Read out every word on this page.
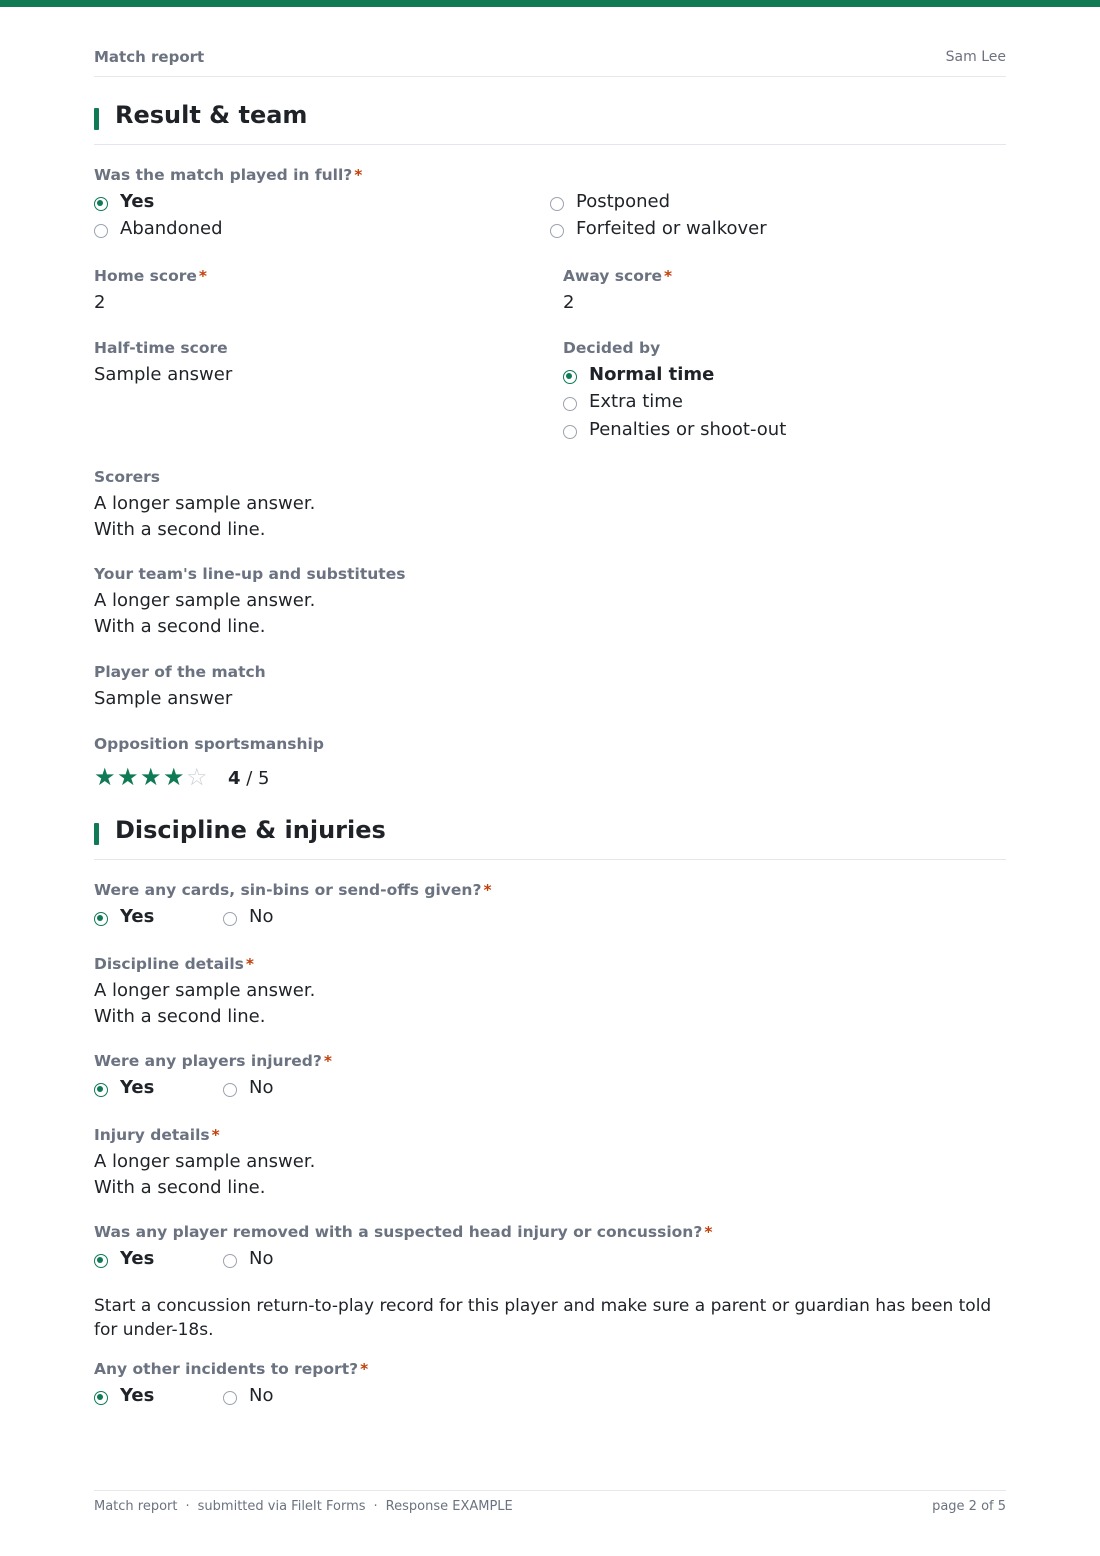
Match report	Sam Lee
Result & team
Was the match played in full? *
Yes	Postponed
Abandoned	Forfeited or walkover
Home score *
2
Away score *
2
Half-time score
Sample answer
Decided by
Normal time
Extra time
Penalties or shoot-out
Scorers
A longer sample answer.
With a second line.
Your team's line-up and substitutes
A longer sample answer.
With a second line.
Player of the match
Sample answer
Opposition sportsmanship
4 / 5
★ ★ ★ ★ ☆
Discipline & injuries
Were any cards, sin-bins or send-offs given? *
Yes	No
Discipline details *
A longer sample answer.
With a second line.
Were any players injured? *
Yes	No
Injury details *
A longer sample answer.
With a second line.
Was any player removed with a suspected head injury or concussion? *
Yes	No
Start a concussion return-to-play record for this player and make sure a parent or guardian has been told for under-18s.
Any other incidents to report? *
Yes	No
Match report · submitted via FileIt Forms · Response EXAMPLE	page 2 of 5
